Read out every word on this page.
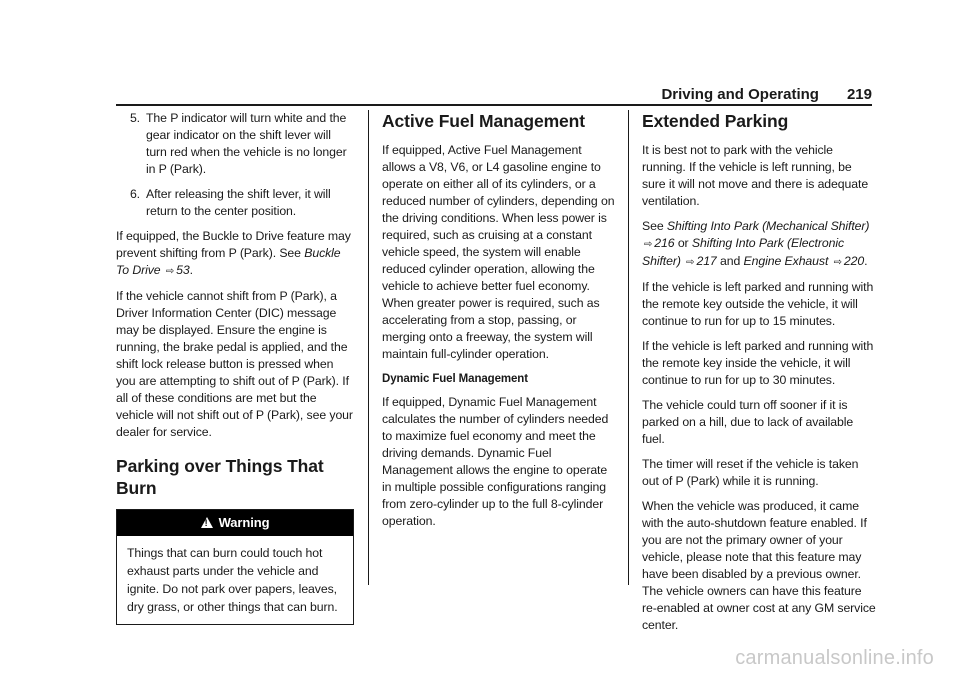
Driving and Operating 219

5. The P indicator will turn white and the gear indicator on the shift lever will turn red when the vehicle is no longer in P (Park).

6. After releasing the shift lever, it will return to the center position.

If equipped, the Buckle to Drive feature may prevent shifting from P (Park). See Buckle To Drive ⇨ 53.

If the vehicle cannot shift from P (Park), a Driver Information Center (DIC) message may be displayed. Ensure the engine is running, the brake pedal is applied, and the shift lock release button is pressed when you are attempting to shift out of P (Park). If all of these conditions are met but the vehicle will not shift out of P (Park), see your dealer for service.

Parking over Things That Burn
!Warning
Things that can burn could touch hot exhaust parts under the vehicle and ignite. Do not park over papers, leaves, dry grass, or other things that can burn.
Active Fuel Management

If equipped, Active Fuel Management allows a V8, V6, or L4 gasoline engine to operate on either all of its cylinders, or a reduced number of cylinders, depending on the driving conditions. When less power is required, such as cruising at a constant vehicle speed, the system will enable reduced cylinder operation, allowing the vehicle to achieve better fuel economy. When greater power is required, such as accelerating from a stop, passing, or merging onto a freeway, the system will maintain full-cylinder operation.

Dynamic Fuel Management

If equipped, Dynamic Fuel Management calculates the number of cylinders needed to maximize fuel economy and meet the driving demands. Dynamic Fuel Management allows the engine to operate in multiple possible configurations ranging from zero-cylinder up to the full 8-cylinder operation.

Extended Parking

It is best not to park with the vehicle running. If the vehicle is left running, be sure it will not move and there is adequate ventilation.

See Shifting Into Park (Mechanical Shifter) ⇨ 216 or Shifting Into Park (Electronic Shifter) ⇨ 217 and Engine Exhaust ⇨ 220.

If the vehicle is left parked and running with the remote key outside the vehicle, it will continue to run for up to 15 minutes.

If the vehicle is left parked and running with the remote key inside the vehicle, it will continue to run for up to 30 minutes.

The vehicle could turn off sooner if it is parked on a hill, due to lack of available fuel.

The timer will reset if the vehicle is taken out of P (Park) while it is running.

When the vehicle was produced, it came with the auto-shutdown feature enabled. If you are not the primary owner of your vehicle, please note that this feature may have been disabled by a previous owner. The vehicle owners can have this feature re-enabled at owner cost at any GM service center.

carmanualsonline.info
